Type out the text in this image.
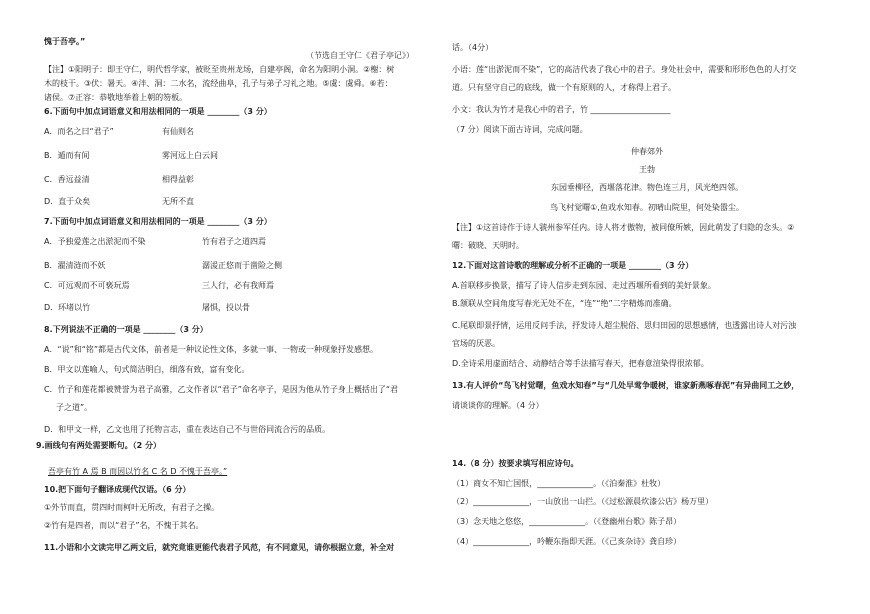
愧于吾亭。”
（节选自王守仁《君子亭记》）
【注】①阳明子：即王守仁，明代哲学家，被贬至贵州龙场，自建亭阁，命名为阳明小洞。②榭：树
木的枝干。③伏：暑天。④泮、洞：二水名，流经曲阜，孔子与弟子习礼之地。⑤虞：虞舜。⑥若：
诸侯。⑦正容：恭敬地举着上朝的笏板。
6.下面句中加点词语意义和用法相同的一项是 ________（3 分）
A．而名之曰“君子”	有仙则名
B．遁而有间	雾河远上白云间
C．香远益清	相得益彰
D．直于众矣	无所不直
7.下面句中加点词语意义和用法相同的一项是 ________（3 分）
A．予独爱莲之出淤泥而不染	竹有君子之道四焉
B．濯清涟而不妖	潺湲正悠而于凿险之侧
C．可远观而不可亵玩焉	三人行，必有我师焉
D．环堵以竹	屠惧，投以骨
8.下列说法不正确的一项是 ________（3 分）
A．“说”和“铭”都是古代文体，前者是一种议论性文体，多就一事、一物或一种现象抒发感想。
B．甲文以莲喻人，句式简洁明白，细落有致，富有变化。
C．竹子和莲花都被赞誉为君子高雅，乙文作者以“君子”命名亭子，是因为他从竹子身上概括出了“君
子之道”。
D．和甲文一样，乙文也用了托物言志，重在表达自己不与世俗同流合污的品质。
9.画线句有两处需要断句。（2 分）
吾亭有竹 A 焉 B 而因以竹名 C 名 D 不愧于吾亭。”
10.把下面句子翻译成现代汉语。（6 分）
①外节而直，贯四时而柯叶无所改，有君子之操。
②竹有是四者，而以“君子”名，不愧于其名。
11.小语和小文读完甲乙两文后，就究竟谁更能代表君子风范，有不同意见，请你根据立意，补全对
话。（4分）
小语：莲“出淤泥而不染”，它的高洁代表了我心中的君子。身处社会中，需要和形形色色的人打交
道。只有坚守自己的底线，做一个有原则的人，才称得上君子。
小文：我认为竹才是我心中的君子，竹 ____________________
（7 分）阅读下面古诗词，完成问题。
仲春郊外
王勃
东园垂柳径，西堰落花津。物色连三月，风光绝四邻。
鸟飞村觉曙①,鱼戏水知春。初晴山院里，何处染嚣尘。
【注】①这首诗作于诗人虢州参军任内。诗人将才傲物，被同僚所嫉，因此萌发了归隐的念头。②
曙：破晓、天明时。
12.下面对这首诗歌的理解或分析不正确的一项是 ________（3 分）
A.首联移步换景，描写了诗人信步走到东园、走过西堰所看到的美好景象。
B.颔联从空间角度写春光无处不在，“连”“绝”二字精炼而准确。
C.尾联即景抒情，运用反问手法，抒发诗人超尘脱俗、思归田园的思想感情，也透露出诗人对污浊
官场的厌恶。
D.全诗采用虚面结合、动静结合等手法描写春天，把春意渲染得很浓郁。
13.有人评价“鸟飞村觉曙，鱼戏水知春”与“几处早莺争暖树，谁家新燕啄春泥”有异曲同工之妙，
请谈谈你的理解。（4 分）
14.（8 分）按要求填写相应诗句。
（1）商女不知亡国恨，______________。（《泊秦淮》杜牧）
（2）______________，一山放出一山拦。（《过松源晨炊漆公店》杨万里）
（3）念天地之悠悠，______________。（《登幽州台歌》陈子昂）
（4）______________，吟鞭东指即天涯。（《己亥杂诗》龚自珍）
